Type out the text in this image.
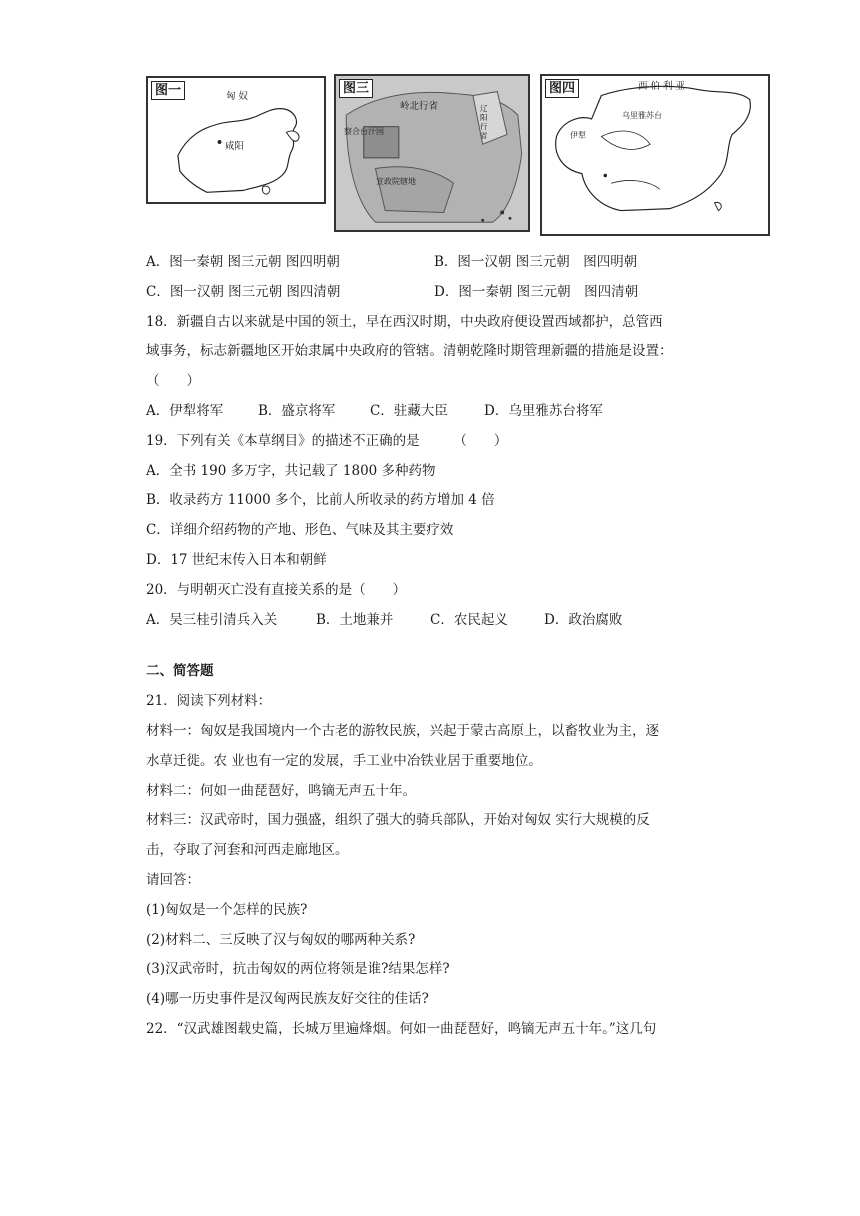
图一	匈 奴
咸阳
图三
岭北行省
察合台汗国
宣政院辖地
辽阳行省
图四	西 伯 利 亚
乌里雅苏台
伊犁
A．图一秦朝 图三元朝 图四明朝	B．图一汉朝 图三元朝　图四明朝
C．图一汉朝 图三元朝 图四清朝	D．图一秦朝 图三元朝　图四清朝
18．新疆自古以来就是中国的领土，早在西汉时期，中央政府便设置西域都护，总管西
域事务，标志新疆地区开始隶属中央政府的管辖。清朝乾隆时期管理新疆的措施是设置：
（　　）
A．伊犁将军	B．盛京将军	C．驻藏大臣	D．乌里雅苏台将军
19．下列有关《本草纲目》的描述不正确的是　　　（　　）
A．全书 190 多万字，共记载了 1800 多种药物
B．收录药方 11000 多个，比前人所收录的药方增加 4 倍
C．详细介绍药物的产地、形色、气味及其主要疗效
D．17 世纪末传入日本和朝鲜
20．与明朝灭亡没有直接关系的是（　　）
A．吴三桂引清兵入关	B．土地兼并	C．农民起义	D．政治腐败
二、简答题
21．阅读下列材料：
材料一：匈奴是我国境内一个古老的游牧民族，兴起于蒙古高原上，以畜牧业为主，逐
水草迁徙。农 业也有一定的发展，手工业中冶铁业居于重要地位。
材料二：何如一曲琵琶好，鸣镝无声五十年。
材料三：汉武帝时，国力强盛，组织了强大的骑兵部队，开始对匈奴 实行大规模的反
击，夺取了河套和河西走廊地区。
请回答：
(1)匈奴是一个怎样的民族?
(2)材料二、三反映了汉与匈奴的哪两种关系?
(3)汉武帝时，抗击匈奴的两位将领是谁?结果怎样?
(4)哪一历史事件是汉匈两民族友好交往的佳话?
22．“汉武雄图载史篇，长城万里遍烽烟。何如一曲琵琶好，鸣镝无声五十年。”这几句
